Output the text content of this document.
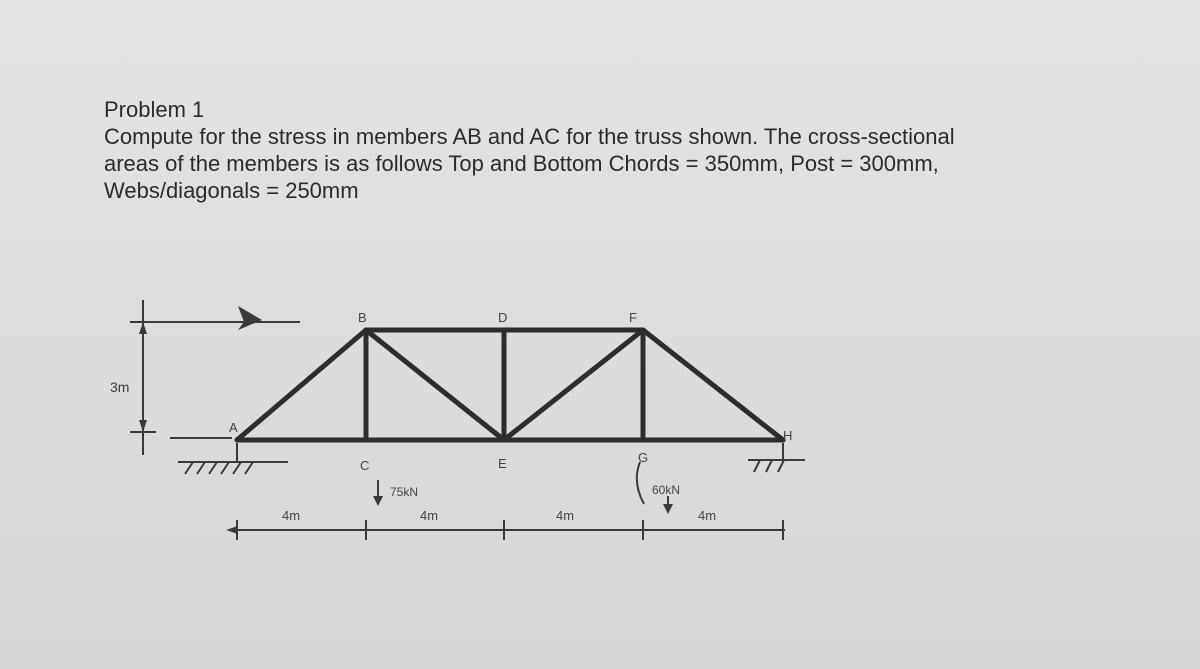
Problem 1
Compute for the stress in members AB and AC for the truss shown. The cross-sectional
areas of the members is as follows Top and Bottom Chords = 350mm, Post = 300mm,
Webs/diagonals = 250mm
3m
A
B	D	F
H
C	E	G
75kN	60kN
4m	4m	4m	4m
